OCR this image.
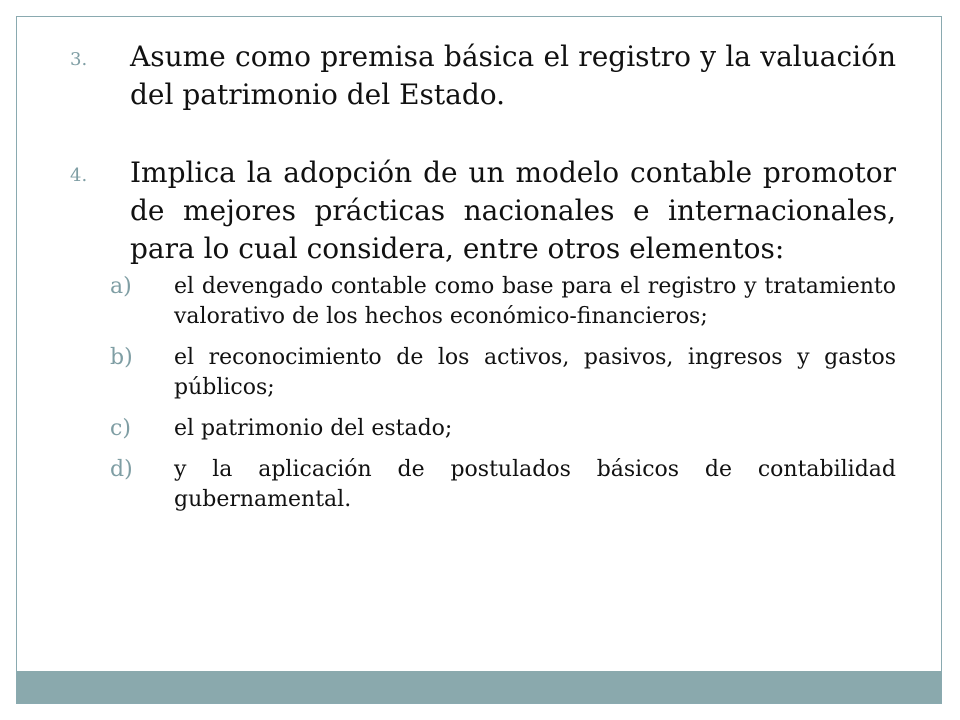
3.	Asume como premisa básica el registro y la valuación del patrimonio del Estado.
4.	Implica la adopción de un modelo contable promotor de mejores prácticas nacionales e internacionales, para lo cual considera, entre otros elementos:
a)	el devengado contable como base para el registro y tratamiento valorativo de los hechos económico-financieros;
b)	el reconocimiento de los activos, pasivos, ingresos y gastos públicos;
c)	el patrimonio del estado;
d)	y la aplicación de postulados básicos de contabilidad gubernamental.
